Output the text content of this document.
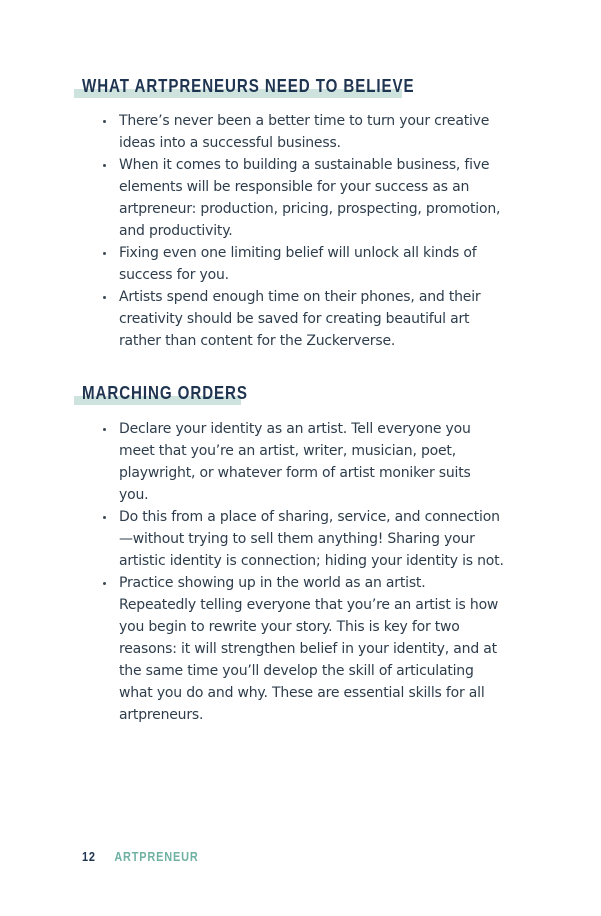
WHAT ARTPRENEURS NEED TO BELIEVE
There’s never been a better time to turn your creative ideas into a successful business.
When it comes to building a sustainable business, five elements will be responsible for your success as an artpreneur: production, pricing, prospecting, promotion, and productivity.
Fixing even one limiting belief will unlock all kinds of success for you.
Artists spend enough time on their phones, and their creativity should be saved for creating beautiful art rather than content for the Zuckerverse.
MARCHING ORDERS
Declare your identity as an artist. Tell everyone you meet that you’re an artist, writer, musician, poet, playwright, or whatever form of artist moniker suits you.
Do this from a place of sharing, service, and connection—without trying to sell them anything! Sharing your artistic identity is connection; hiding your identity is not.
Practice showing up in the world as an artist. Repeatedly telling everyone that you’re an artist is how you begin to rewrite your story. This is key for two reasons: it will strengthen belief in your identity, and at the same time you’ll develop the skill of articulating what you do and why. These are essential skills for all artpreneurs.
12 ARTPRENEUR
